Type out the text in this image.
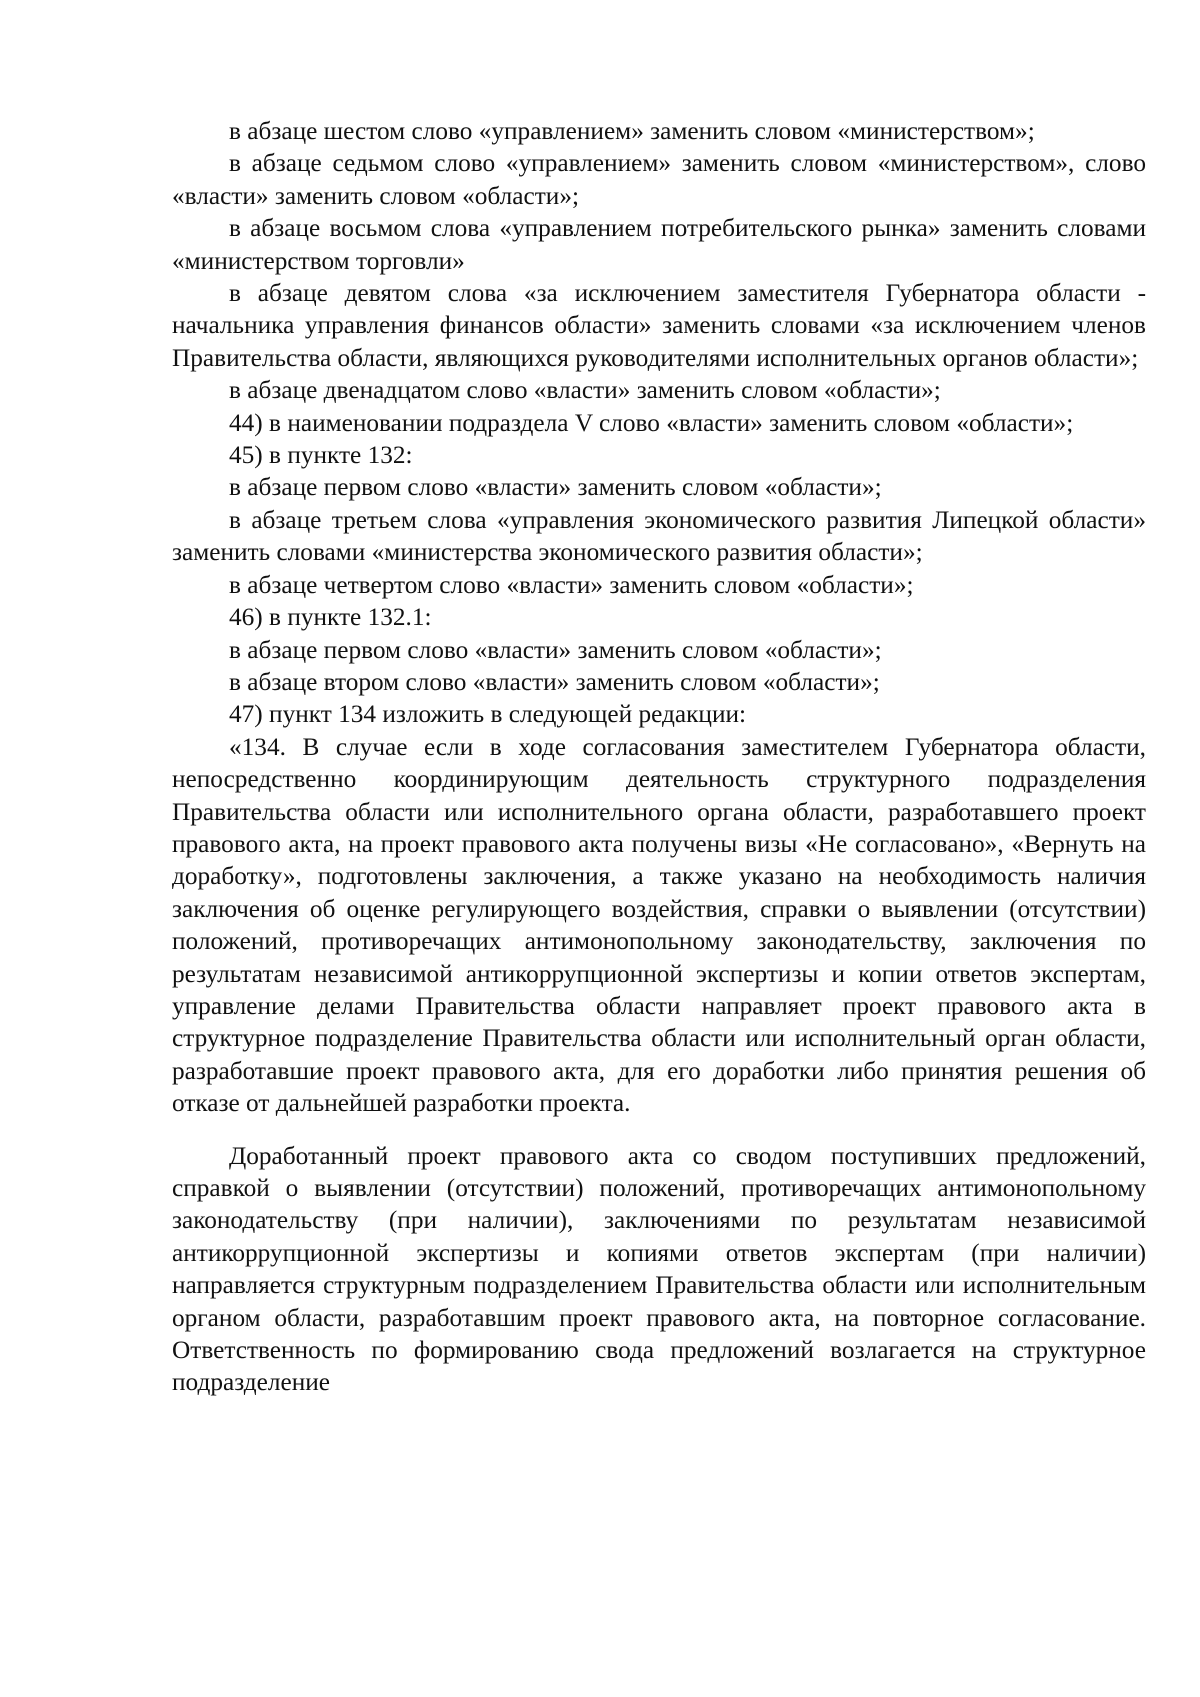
в абзаце шестом слово «управлением» заменить словом «министерством»;

в абзаце седьмом слово «управлением» заменить словом «министерством», слово «власти» заменить словом «области»;

в абзаце восьмом слова «управлением потребительского рынка» заменить словами «министерством торговли»

в абзаце девятом слова «за исключением заместителя Губернатора области - начальника управления финансов области» заменить словами «за исключением членов Правительства области, являющихся руководителями исполнительных органов области»;

в абзаце двенадцатом слово «власти» заменить словом «области»;

44) в наименовании подраздела V слово «власти» заменить словом «области»;

45) в пункте 132:

в абзаце первом слово «власти» заменить словом «области»;

в абзаце третьем слова «управления экономического развития Липецкой области» заменить словами «министерства экономического развития области»;

в абзаце четвертом слово «власти» заменить словом «области»;

46) в пункте 132.1:

в абзаце первом слово «власти» заменить словом «области»;

в абзаце втором слово «власти» заменить словом «области»;

47) пункт 134 изложить в следующей редакции:

«134. В случае если в ходе согласования заместителем Губернатора области, непосредственно координирующим деятельность структурного подразделения Правительства области или исполнительного органа области, разработавшего проект правового акта, на проект правового акта получены визы «Не согласовано», «Вернуть на доработку», подготовлены заключения, а также указано на необходимость наличия заключения об оценке регулирующего воздействия, справки о выявлении (отсутствии) положений, противоречащих антимонопольному законодательству, заключения по результатам независимой антикоррупционной экспертизы и копии ответов экспертам, управление делами Правительства области направляет проект правового акта в структурное подразделение Правительства области или исполнительный орган области, разработавшие проект правового акта, для его доработки либо принятия решения об отказе от дальнейшей разработки проекта.

Доработанный проект правового акта со сводом поступивших предложений, справкой о выявлении (отсутствии) положений, противоречащих антимонопольному законодательству (при наличии), заключениями по результатам независимой антикоррупционной экспертизы и копиями ответов экспертам (при наличии) направляется структурным подразделением Правительства области или исполнительным органом области, разработавшим проект правового акта, на повторное согласование. Ответственность по формированию свода предложений возлагается на структурное подразделение
